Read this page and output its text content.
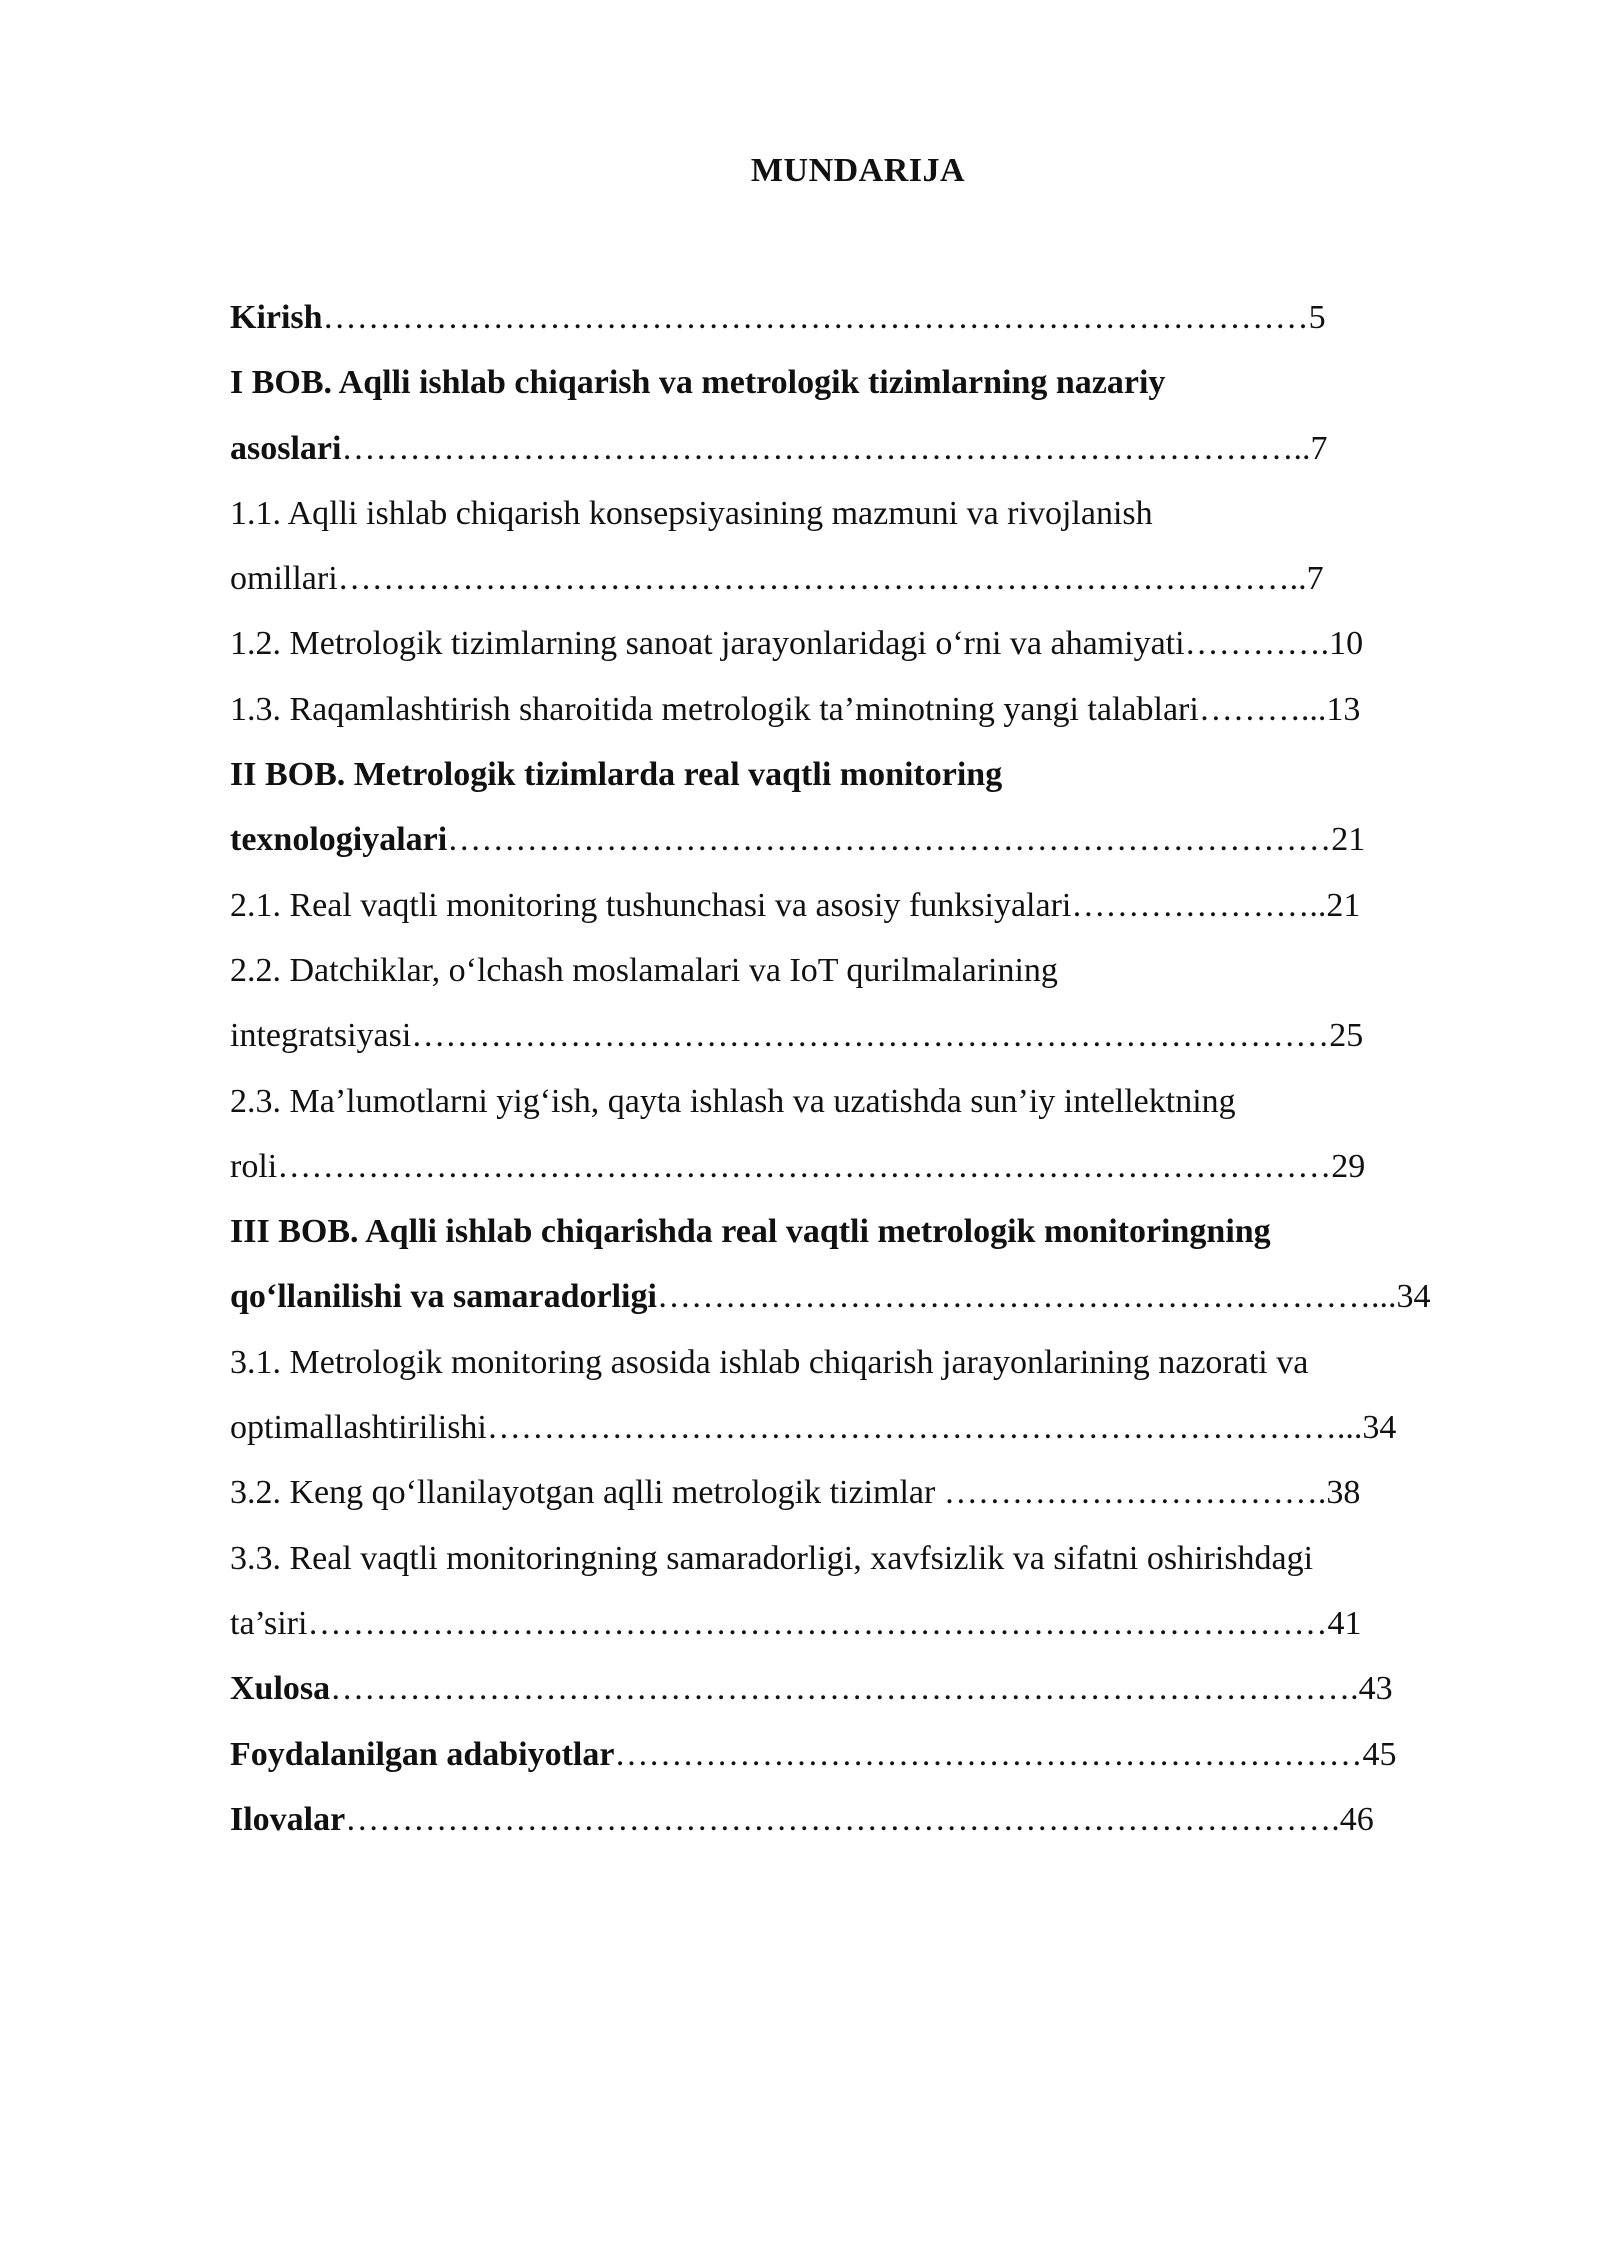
MUNDARIJA
Kirish……………………………………………………………………………5
I BOB. Aqlli ishlab chiqarish va metrologik tizimlarning nazariy
asoslari…………………………………………………………………………..7
1.1. Aqlli ishlab chiqarish konsepsiyasining mazmuni va rivojlanish
omillari…………………………………………………………………………..7
1.2. Metrologik tizimlarning sanoat jarayonlaridagi o‘rni va ahamiyati………….10
1.3. Raqamlashtirish sharoitida metrologik ta’minotning yangi talablari………...13
II BOB. Metrologik tizimlarda real vaqtli monitoring
texnologiyalari……………………………………………………………………21
2.1. Real vaqtli monitoring tushunchasi va asosiy funksiyalari…………………..21
2.2. Datchiklar, o‘lchash moslamalari va IoT qurilmalarining
integratsiyasi………………………………………………………………………25
2.3. Ma’lumotlarni yig‘ish, qayta ishlash va uzatishda sun’iy intellektning
roli…………………………………………………………………………………29
III BOB. Aqlli ishlab chiqarishda real vaqtli metrologik monitoringning
qo‘llanilishi va samaradorligi………………………………………………………...34
3.1. Metrologik monitoring asosida ishlab chiqarish jarayonlarining nazorati va
optimallashtirilishi…………………………………………………………………...34
3.2. Keng qo‘llanilayotgan aqlli metrologik tizimlar …………………………….38
3.3. Real vaqtli monitoringning samaradorligi, xavfsizlik va sifatni oshirishdagi
ta’siri………………………………………………………………………………41
Xulosa……………………………………………………………………………….43
Foydalanilgan adabiyotlar…………………………………………………………45
Ilovalar…………………………………………………………………………….46
